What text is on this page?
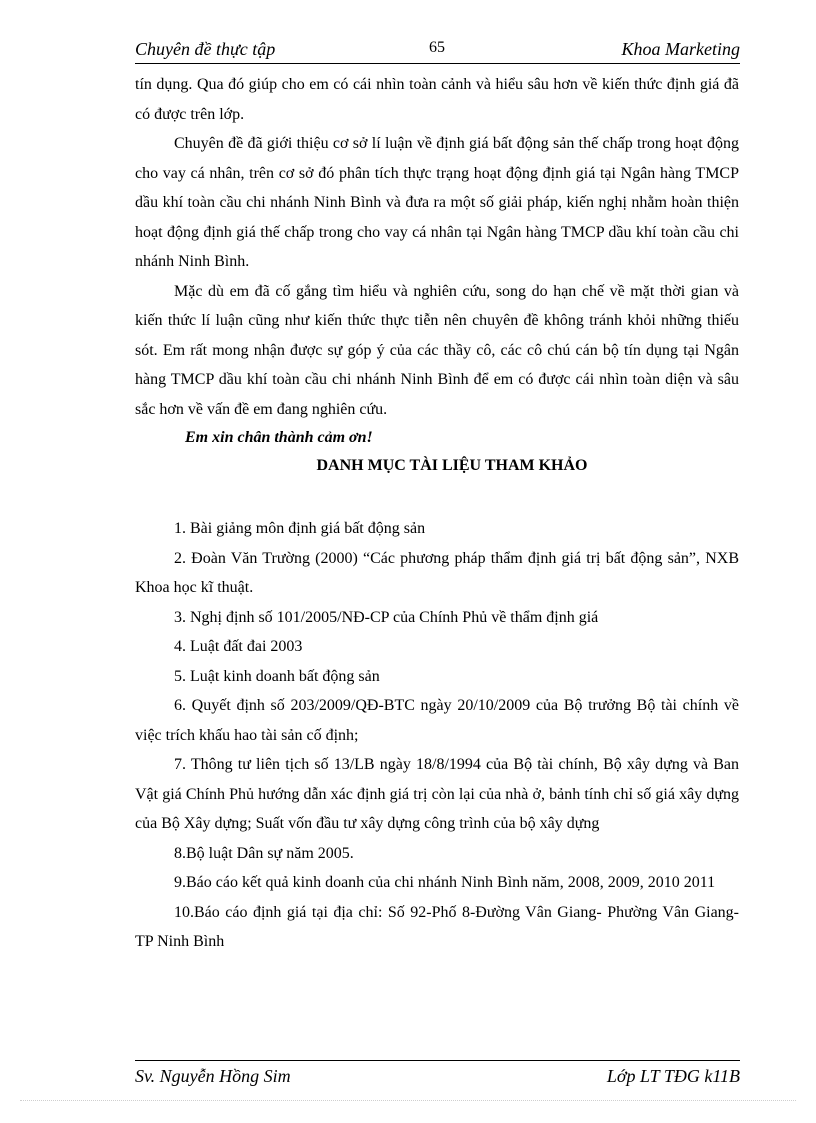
Chuyên đề thực tập	65	Khoa Marketing

tín dụng. Qua đó giúp cho em có cái nhìn toàn cảnh và hiểu sâu hơn về kiến thức định giá đã có được trên lớp.

Chuyên đề đã giới thiệu cơ sở lí luận về định giá bất động sản thế chấp trong hoạt động cho vay cá nhân, trên cơ sở đó phân tích thực trạng hoạt động định giá tại Ngân hàng TMCP dầu khí toàn cầu chi nhánh Ninh Bình và đưa ra một số giải pháp, kiến nghị nhằm hoàn thiện hoạt động định giá thế chấp trong cho vay cá nhân tại Ngân hàng TMCP dầu khí toàn cầu chi nhánh Ninh Bình.

Mặc dù em đã cố gắng tìm hiểu và nghiên cứu, song do hạn chế về mặt thời gian và kiến thức lí luận cũng như kiến thức thực tiễn nên chuyên đề không tránh khỏi những thiếu sót. Em rất mong nhận được sự góp ý của các thầy cô, các cô chú cán bộ tín dụng tại Ngân hàng TMCP dầu khí toàn cầu chi nhánh Ninh Bình để em có được cái nhìn toàn diện và sâu sắc hơn về vấn đề em đang nghiên cứu.

Em xin chân thành cảm ơn!

DANH MỤC TÀI LIỆU THAM KHẢO

1. Bài giảng môn định giá bất động sản

2. Đoàn Văn Trường (2000) “Các phương pháp thẩm định giá trị bất động sản”, NXB Khoa học kĩ thuật.

3. Nghị định số 101/2005/NĐ-CP của Chính Phủ về thẩm định giá

4. Luật đất đai 2003

5. Luật kinh doanh bất động sản

6. Quyết định số 203/2009/QĐ-BTC ngày 20/10/2009 của Bộ trưởng Bộ tài chính về việc trích khấu hao tài sản cố định;

7. Thông tư liên tịch số 13/LB ngày 18/8/1994 của Bộ tài chính, Bộ xây dựng và Ban Vật giá Chính Phủ hướng dẫn xác định giá trị còn lại của nhà ở, bảnh tính chỉ số giá xây dựng của Bộ Xây dựng; Suất vốn đầu tư xây dựng công trình của bộ xây dựng

8.Bộ luật Dân sự năm 2005.

9.Báo cáo kết quả kinh doanh của chi nhánh Ninh Bình năm, 2008, 2009, 2010 2011

10.Báo cáo định giá tại địa chỉ: Số 92-Phố 8-Đường Vân Giang- Phường Vân Giang- TP Ninh Bình

Sv. Nguyễn Hồng Sim	Lớp LT TĐG k11B
